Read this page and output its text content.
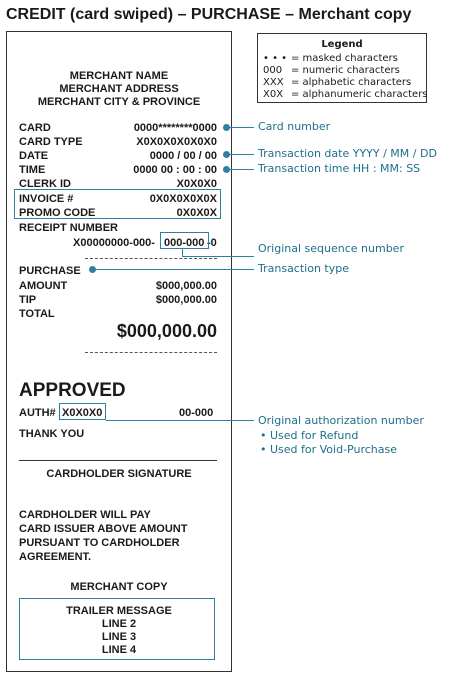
CREDIT (card swiped) – PURCHASE – Merchant copy
Legend
• • • = masked characters
000 = numeric characters
XXX = alphabetic characters
X0X = alphanumeric characters
MERCHANT NAME
MERCHANT ADDRESS
MERCHANT CITY & PROVINCE
CARD	0000********0000
CARD TYPE	X0X0X0X0X0X0
DATE	0000 / 00 / 00
TIME	0000 00 : 00 : 00
CLERK ID	X0X0X0
INVOICE #	0X0X0X0X0X
PROMO CODE	0X0X0X
RECEIPT NUMBER
X00000000-000- 000-000 -0
PURCHASE
AMOUNT	$000,000.00
TIP	$000,000.00
TOTAL
$000,000.00
APPROVED
AUTH# X0X0X0	00-000
THANK YOU
CARDHOLDER SIGNATURE
CARDHOLDER WILL PAY
CARD ISSUER ABOVE AMOUNT
PURSUANT TO CARDHOLDER
AGREEMENT.
MERCHANT COPY
TRAILER MESSAGE
LINE 2
LINE 3
LINE 4
Card number
Transaction date YYYY / MM / DD
Transaction time HH : MM: SS
Original sequence number
Transaction type
Original authorization number
• Used for Refund
• Used for Void-Purchase
